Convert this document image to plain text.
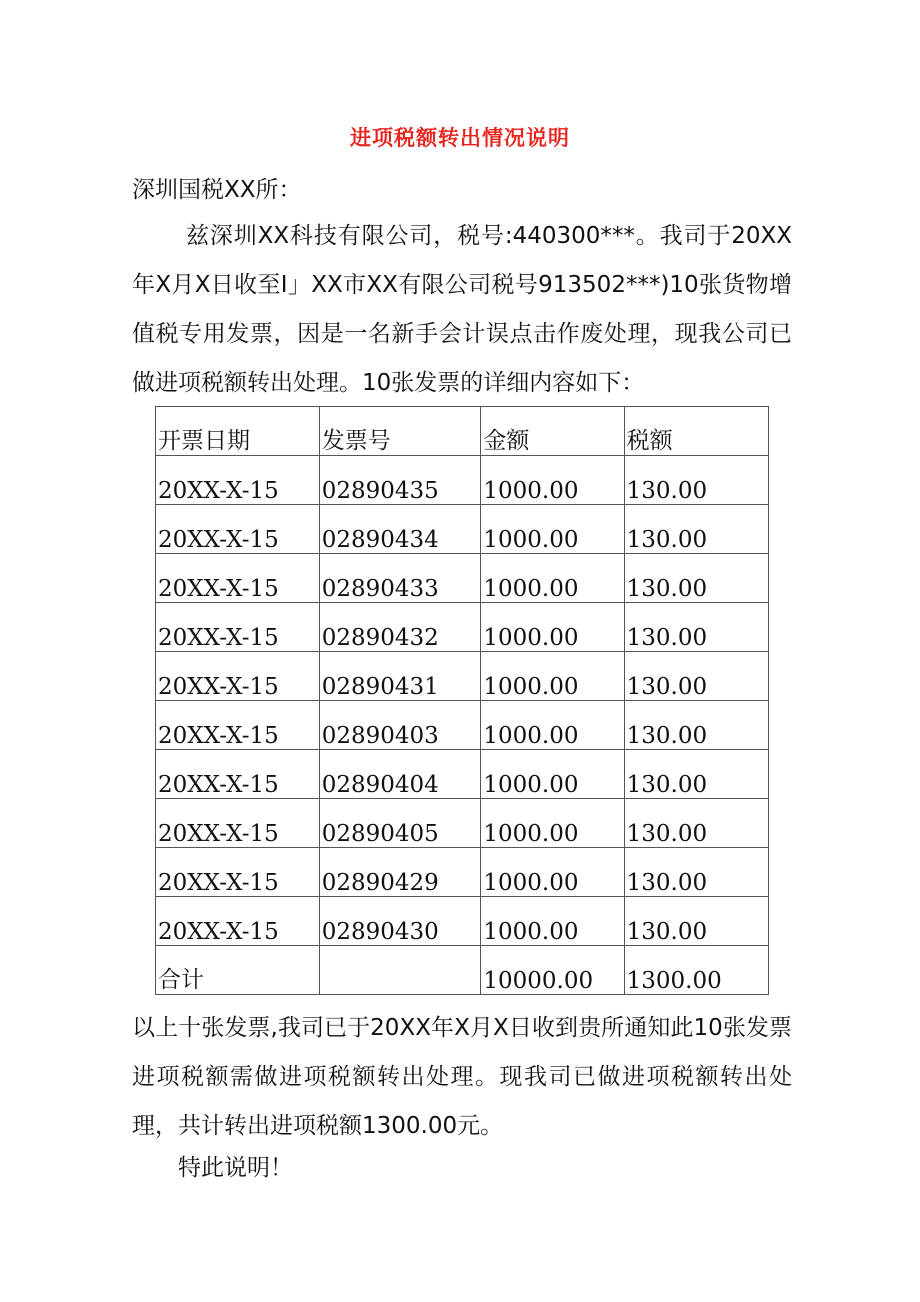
进项税额转出情况说明

深圳国税XX所：

兹深圳XX科技有限公司，税号:440300***。我司于20XX年X月X日收至I」XX市XX有限公司税号913502***)10张货物增值税专用发票，因是一名新手会计误点击作废处理，现我公司已做进项税额转出处理。10张发票的详细内容如下：

开票日期	发票号	金额	税额
20XX-X-15	02890435	1000.00	130.00
20XX-X-15	02890434	1000.00	130.00
20XX-X-15	02890433	1000.00	130.00
20XX-X-15	02890432	1000.00	130.00
20XX-X-15	02890431	1000.00	130.00
20XX-X-15	02890403	1000.00	130.00
20XX-X-15	02890404	1000.00	130.00
20XX-X-15	02890405	1000.00	130.00
20XX-X-15	02890429	1000.00	130.00
20XX-X-15	02890430	1000.00	130.00
合计		10000.00	1300.00

以上十张发票,我司已于20XX年X月X日收到贵所通知此10张发票进项税额需做进项税额转出处理。现我司已做进项税额转出处理，共计转出进项税额1300.00元。

特此说明！
